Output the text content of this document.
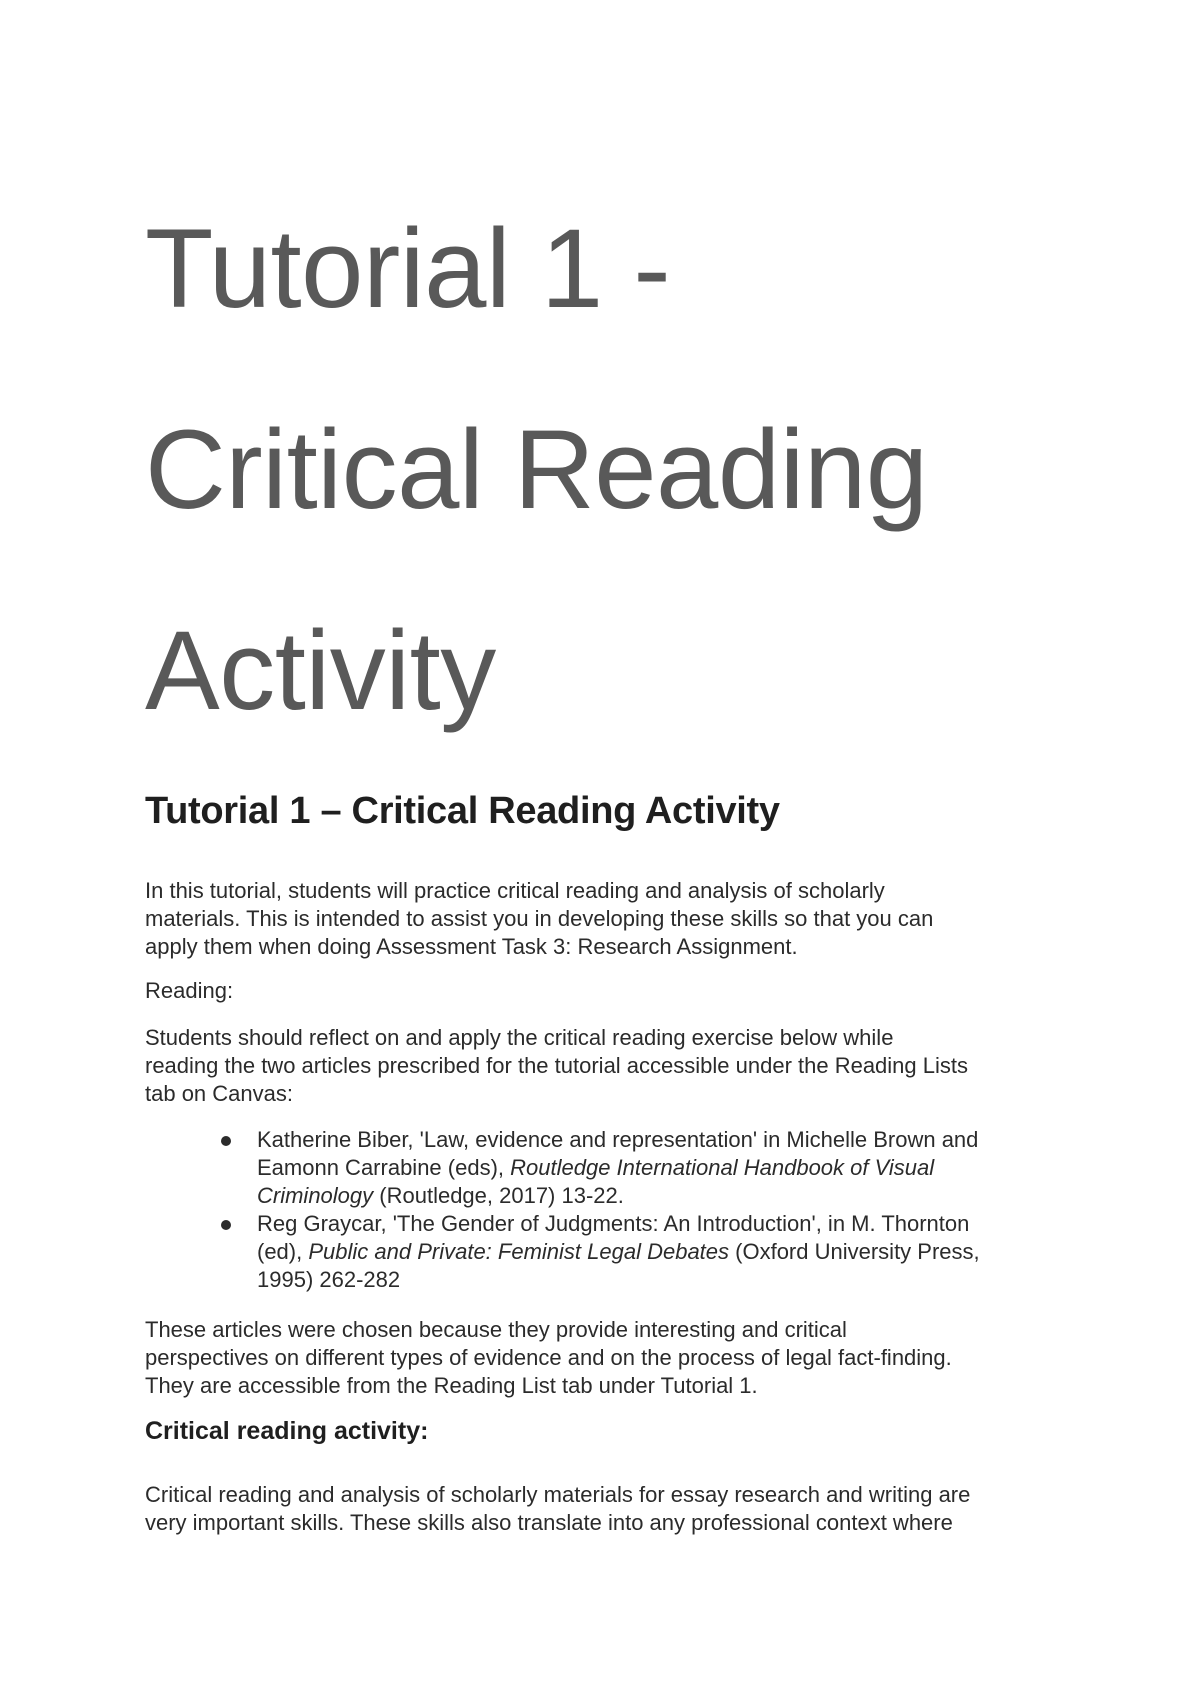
Tutorial 1 -
Critical Reading
Activity
Tutorial 1 – Critical Reading Activity

In this tutorial, students will practice critical reading and analysis of scholarly
materials. This is intended to assist you in developing these skills so that you can
apply them when doing Assessment Task 3: Research Assignment.

Reading:

Students should reflect on and apply the critical reading exercise below while
reading the two articles prescribed for the tutorial accessible under the Reading Lists
tab on Canvas:

Katherine Biber, 'Law, evidence and representation' in Michelle Brown and
Eamonn Carrabine (eds), Routledge International Handbook of Visual
Criminology (Routledge, 2017) 13-22.
Reg Graycar, 'The Gender of Judgments: An Introduction', in M. Thornton
(ed), Public and Private: Feminist Legal Debates (Oxford University Press,
1995) 262-282

These articles were chosen because they provide interesting and critical
perspectives on different types of evidence and on the process of legal fact-finding.
They are accessible from the Reading List tab under Tutorial 1.

Critical reading activity:

Critical reading and analysis of scholarly materials for essay research and writing are
very important skills. These skills also translate into any professional context where
